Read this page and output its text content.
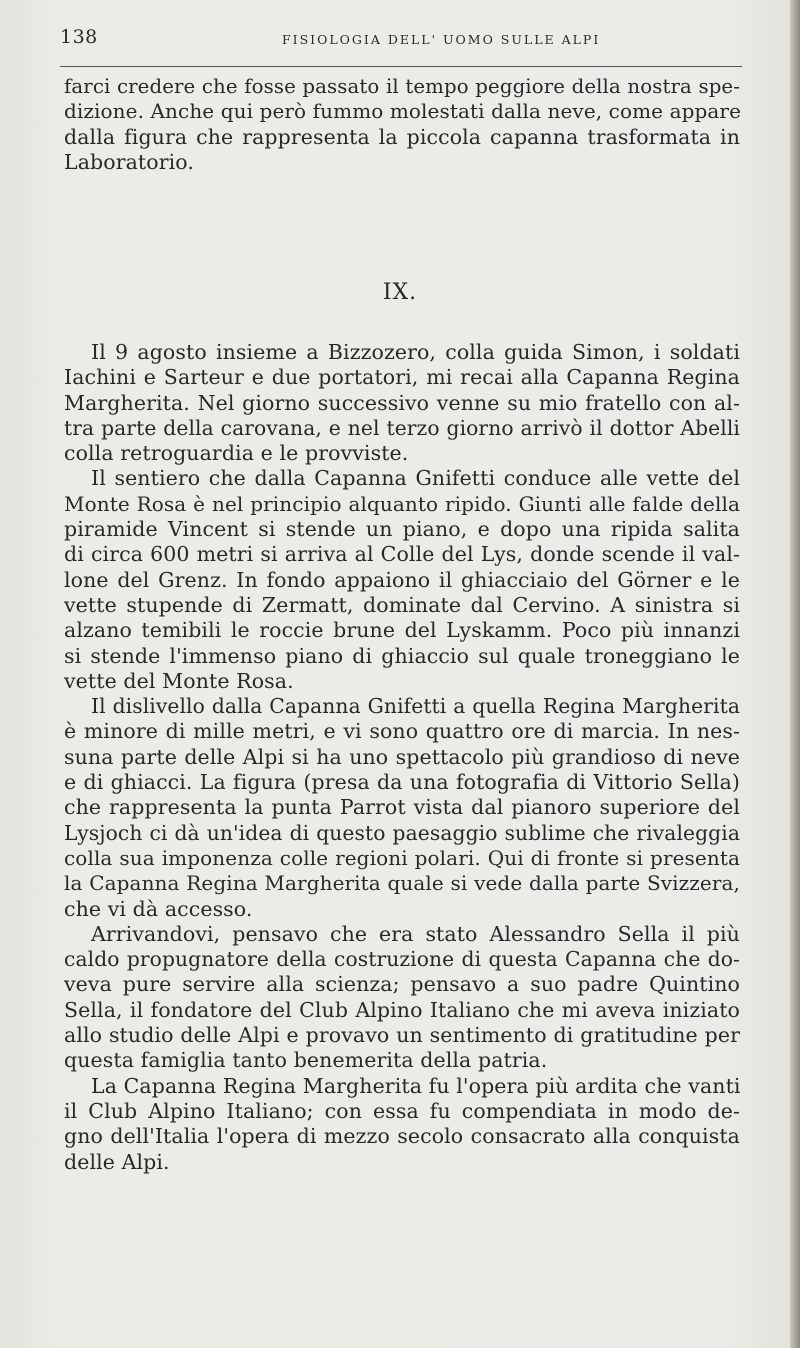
138	FISIOLOGIA DELL' UOMO SULLE ALPI
farci credere che fosse passato il tempo peggiore della nostra spe-
dizione. Anche qui però fummo molestati dalla neve, come appare
dalla figura che rappresenta la piccola capanna trasformata in
Laboratorio.
IX.
Il 9 agosto insieme a Bizzozero, colla guida Simon, i soldati
Iachini e Sarteur e due portatori, mi recai alla Capanna Regina
Margherita. Nel giorno successivo venne su mio fratello con al-
tra parte della carovana, e nel terzo giorno arrivò il dottor Abelli
colla retroguardia e le provviste.
Il sentiero che dalla Capanna Gnifetti conduce alle vette del
Monte Rosa è nel principio alquanto ripido. Giunti alle falde della
piramide Vincent si stende un piano, e dopo una ripida salita
di circa 600 metri si arriva al Colle del Lys, donde scende il val-
lone del Grenz. In fondo appaiono il ghiacciaio del Görner e le
vette stupende di Zermatt, dominate dal Cervino. A sinistra si
alzano temibili le roccie brune del Lyskamm. Poco più innanzi
si stende l'immenso piano di ghiaccio sul quale troneggiano le
vette del Monte Rosa.
Il dislivello dalla Capanna Gnifetti a quella Regina Margherita
è minore di mille metri, e vi sono quattro ore di marcia. In nes-
suna parte delle Alpi si ha uno spettacolo più grandioso di neve
e di ghiacci. La figura (presa da una fotografia di Vittorio Sella)
che rappresenta la punta Parrot vista dal pianoro superiore del
Lysjoch ci dà un'idea di questo paesaggio sublime che rivaleggia
colla sua imponenza colle regioni polari. Qui di fronte si presenta
la Capanna Regina Margherita quale si vede dalla parte Svizzera,
che vi dà accesso.
Arrivandovi, pensavo che era stato Alessandro Sella il più
caldo propugnatore della costruzione di questa Capanna che do-
veva pure servire alla scienza; pensavo a suo padre Quintino
Sella, il fondatore del Club Alpino Italiano che mi aveva iniziato
allo studio delle Alpi e provavo un sentimento di gratitudine per
questa famiglia tanto benemerita della patria.
La Capanna Regina Margherita fu l'opera più ardita che vanti
il Club Alpino Italiano; con essa fu compendiata in modo de-
gno dell'Italia l'opera di mezzo secolo consacrato alla conquista
delle Alpi.
